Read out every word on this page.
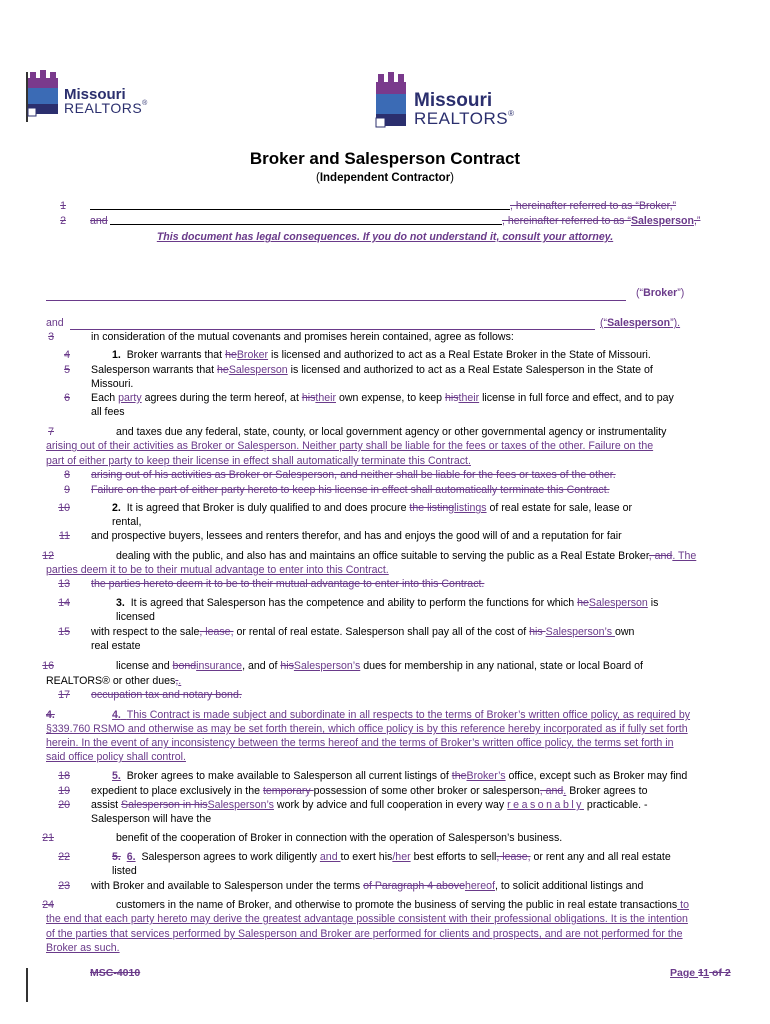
Missouri
REALTORS®	Missouri
REALTORS®
Broker and Salesperson Contract
(Independent Contractor)
1	, hereinafter referred to as “Broker,”
2 and	, hereinafter referred to as “Salesperson,”
This document has legal consequences. If you do not understand it, consult your attorney.
(“Broker”)
and	(“Salesperson”).
3	in consideration of the mutual covenants and promises herein contained, agree as follows:
4	1. Broker warrants that heBroker is licensed and authorized to act as a Real Estate Broker in the State of Missouri.
5 Salesperson warrants that heSalesperson is licensed and authorized to act as a Real Estate Salesperson in the State of
Missouri.
6 Each party agrees during the term hereof, at histheir own expense, to keep histheir license in full force and effect, and to pay
all fees
7	and taxes due any federal, state, county, or local government agency or other governmental agency or instrumentality
arising out of their activities as Broker or Salesperson. Neither party shall be liable for the fees or taxes of the other. Failure on the
part of either party to keep their license in effect shall automatically terminate this Contract.
8 arising out of his activities as Broker or Salesperson, and neither shall be liable for the fees or taxes of the other.
9 Failure on the part of either party hereto to keep his license in effect shall automatically terminate this Contract.
10	2. It is agreed that Broker is duly qualified to and does procure the listinglistings of real estate for sale, lease or
rental,
11 and prospective buyers, lessees and renters therefor, and has and enjoys the good will of and a reputation for fair
12	dealing with the public, and also has and maintains an office suitable to serving the public as a Real Estate Broker, and. The
parties deem it to be to their mutual advantage to enter into this Contract.
13 the parties hereto deem it to be to their mutual advantage to enter into this Contract.
14	3. It is agreed that Salesperson has the competence and ability to perform the functions for which heSalesperson is
licensed
15 with respect to the sale, lease, or rental of real estate. Salesperson shall pay all of the cost of his Salesperson’s own
real estate
16	license and bondinsurance, and of hisSalesperson’s dues for membership in any national, state or local Board of
REALTORS® or other dues,.
17 occupation tax and notary bond.
4.	4. This Contract is made subject and subordinate in all respects to the terms of Broker’s written office policy, as required by
§339.760 RSMO and otherwise as may be set forth therein, which office policy is by this reference hereby incorporated as if fully set forth
herein. In the event of any inconsistency between the terms hereof and the terms of Broker’s written office policy, the terms set forth in
said office policy shall control.
18	5. Broker agrees to make available to Salesperson all current listings of theBroker’s office, except such as Broker may find
19 expedient to place exclusively in the temporary possession of some other broker or salesperson, and. Broker agrees to
20 assist Salesperson in hisSalesperson’s work by advice and full cooperation in every way reasonably practicable. -
Salesperson will have the
21	benefit of the cooperation of Broker in connection with the operation of Salesperson’s business.
22	5. 6. Salesperson agrees to work diligently and to exert his/her best efforts to sell, lease, or rent any and all real estate
listed
23 with Broker and available to Salesperson under the terms of Paragraph 4 abovehereof, to solicit additional listings and
24	customers in the name of Broker, and otherwise to promote the business of serving the public in real estate transactions to
the end that each party hereto may derive the greatest advantage possible consistent with their professional obligations. It is the intention
of the parties that services performed by Salesperson and Broker are performed for clients and prospects, and are not performed for the
Broker as such.
MSC-4010	Page 11 of 2
